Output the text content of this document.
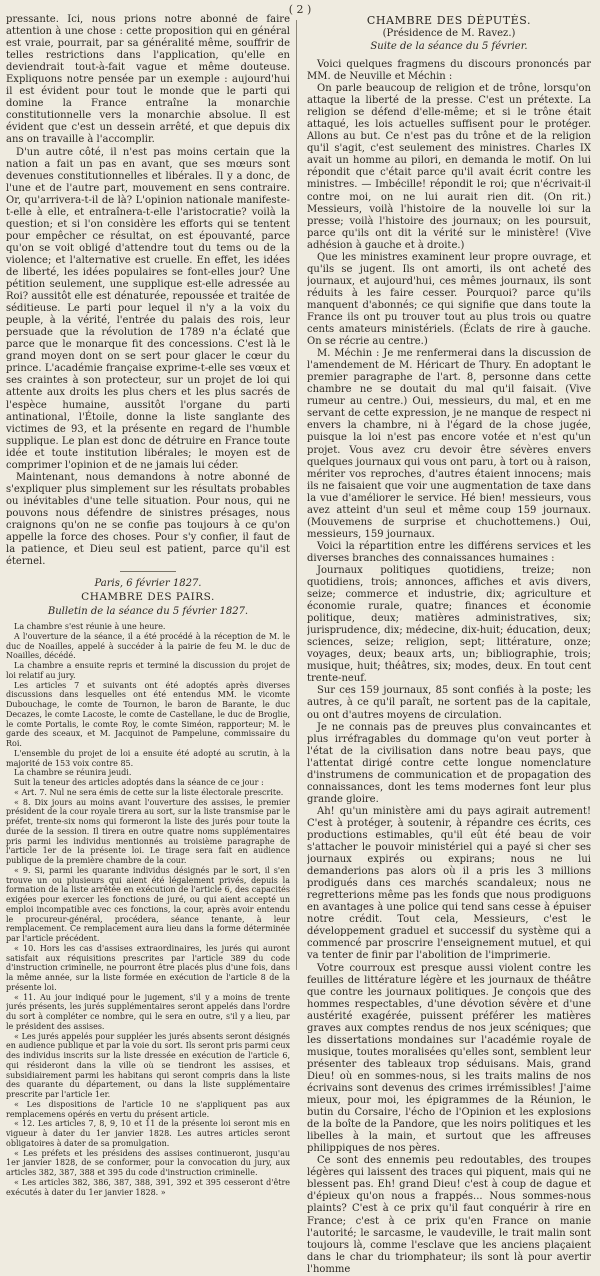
( 2 )

pressante. Ici, nous prions notre abonné de faire attention à une chose : cette proposition qui en général est vraie, pourrait, par sa généralité même, souffrir de telles restrictions dans l'application, qu'elle en deviendrait tout-à-fait vague et même douteuse. Expliquons notre pensée par un exemple : aujourd'hui il est évident pour tout le monde que le parti qui domine la France entraîne la monarchie constitutionnelle vers la monarchie absolue. Il est évident que c'est un dessein arrêté, et que depuis dix ans on travaille à l'accomplir.

D'un autre côté, il n'est pas moins certain que la nation a fait un pas en avant, que ses mœurs sont devenues constitutionnelles et libérales. Il y a donc, de l'une et de l'autre part, mouvement en sens contraire. Or, qu'arrivera-t-il de là? L'opinion nationale manifeste-t-elle à elle, et entraînera-t-elle l'aristocratie? voilà la question; et si l'on considère les efforts qui se tentent pour empêcher ce résultat, on est épouvanté, parce qu'on se voit obligé d'attendre tout du tems ou de la violence; et l'alternative est cruelle. En effet, les idées de liberté, les idées populaires se font-elles jour? Une pétition seulement, une supplique est-elle adressée au Roi? aussitôt elle est dénaturée, repoussée et traitée de séditieuse. Le parti pour lequel il n'y a la voix du peuple, à la vérité, l'entrée du palais des rois, leur persuade que la révolution de 1789 n'a éclaté que parce que le monarque fit des concessions. C'est là le grand moyen dont on se sert pour glacer le cœur du prince. L'académie française exprime-t-elle ses vœux et ses craintes à son protecteur, sur un projet de loi qui attente aux droits les plus chers et les plus sacrés de l'espèce humaine, aussitôt l'organe du parti antinational, l'Étoile, donne la liste sanglante des victimes de 93, et la présente en regard de l'humble supplique. Le plan est donc de détruire en France toute idée et toute institution libérales; le moyen est de comprimer l'opinion et de ne jamais lui céder.

Maintenant, nous demandons à notre abonné de s'expliquer plus simplement sur les résultats probables ou inévitables d'une telle situation. Pour nous, qui ne pouvons nous défendre de sinistres présages, nous craignons qu'on ne se confie pas toujours à ce qu'on appelle la force des choses. Pour s'y confier, il faut de la patience, et Dieu seul est patient, parce qu'il est éternel.

Paris, 6 février 1827.
CHAMBRE DES PAIRS.
Bulletin de la séance du 5 février 1827.

La chambre s'est réunie à une heure.

A l'ouverture de la séance, il a été procédé à la réception de M. le duc de Noailles, appelé à succéder à la pairie de feu M. le duc de Noailles, décédé.

La chambre a ensuite repris et terminé la discussion du projet de loi relatif au jury.

Les articles 7 et suivants ont été adoptés après diverses discussions dans lesquelles ont été entendus MM. le vicomte Dubouchage, le comte de Tournon, le baron de Barante, le duc Decazes, le comte Lacoste, le comte de Castellane, le duc de Broglie, le comte Portalis, le comte Roy, le comte Siméon, rapporteur; M. le garde des sceaux, et M. Jacquinot de Pampelune, commissaire du Roi.

L'ensemble du projet de loi a ensuite été adopté au scrutin, à la majorité de 153 voix contre 85.

La chambre se réunira jeudi.

Suit la teneur des articles adoptés dans la séance de ce jour :

« Art. 7. Nul ne sera émis de cette sur la liste électorale prescrite.

« 8. Dix jours au moins avant l'ouverture des assises, le premier président de la cour royale tirera au sort, sur la liste transmise par le préfet, trente-six noms qui formeront la liste des jurés pour toute la durée de la session. Il tirera en outre quatre noms supplémentaires pris parmi les individus mentionnés au troisième paragraphe de l'article 1er de la présente loi. Le tirage sera fait en audience publique de la première chambre de la cour.

« 9. Si, parmi les quarante individus désignés par le sort, il s'en trouve un ou plusieurs qui aient été légalement privés, depuis la formation de la liste arrêtée en exécution de l'article 6, des capacités exigées pour exercer les fonctions de juré, ou qui aient accepté un emploi incompatible avec ces fonctions, la cour, après avoir entendu le procureur-général, procédera, séance tenante, à leur remplacement. Ce remplacement aura lieu dans la forme déterminée par l'article précédent.

« 10. Hors les cas d'assises extraordinaires, les jurés qui auront satisfait aux réquisitions prescrites par l'article 389 du code d'instruction criminelle, ne pourront être placés plus d'une fois, dans la même année, sur la liste formée en exécution de l'article 8 de la présente loi.

« 11. Au jour indiqué pour le jugement, s'il y a moins de trente jurés présents, les jurés supplémentaires seront appelés dans l'ordre du sort à compléter ce nombre, qui le sera en outre, s'il y a lieu, par le président des assises.

« Les jurés appelés pour suppléer les jurés absents seront désignés en audience publique et par la voie du sort. Ils seront pris parmi ceux des individus inscrits sur la liste dressée en exécution de l'article 6, qui résideront dans la ville où se tiendront les assises, et subsidiairement parmi les habitans qui seront compris dans la liste des quarante du département, ou dans la liste supplémentaire prescrite par l'article 1er.

« Les dispositions de l'article 10 ne s'appliquent pas aux remplacemens opérés en vertu du présent article.

« 12. Les articles 7, 8, 9, 10 et 11 de la présente loi seront mis en vigueur à dater du 1er janvier 1828. Les autres articles seront obligatoires à dater de sa promulgation.

« Les préfets et les présidens des assises continueront, jusqu'au 1er janvier 1828, de se conformer, pour la convocation du jury, aux articles 382, 387, 388 et 395 du code d'instruction criminelle.

« Les articles 382, 386, 387, 388, 391, 392 et 395 cesseront d'être exécutés à dater du 1er janvier 1828. »

CHAMBRE DES DÉPUTÉS.
(Présidence de M. Ravez.)
Suite de la séance du 5 février.

Voici quelques fragmens du discours prononcés par MM. de Neuville et Méchin :

On parle beaucoup de religion et de trône, lorsqu'on attaque la liberté de la presse. C'est un prétexte. La religion se défend d'elle-même; et si le trône était attaqué, les lois actuelles suffisent pour le protéger. Allons au but. Ce n'est pas du trône et de la religion qu'il s'agit, c'est seulement des ministres. Charles IX avait un homme au pilori, en demanda le motif. On lui répondit que c'était parce qu'il avait écrit contre les ministres. — Imbécille! répondit le roi; que n'écrivait-il contre moi, on ne lui aurait rien dit. (On rit.) Messieurs, voilà l'histoire de la nouvelle loi sur la presse; voilà l'histoire des journaux; on les poursuit, parce qu'ils ont dit la vérité sur le ministère! (Vive adhésion à gauche et à droite.)

Que les ministres examinent leur propre ouvrage, et qu'ils se jugent. Ils ont amorti, ils ont acheté des journaux, et aujourd'hui, ces mêmes journaux, ils sont réduits à les faire cesser. Pourquoi? parce qu'ils manquent d'abonnés; ce qui signifie que dans toute la France ils ont pu trouver tout au plus trois ou quatre cents amateurs ministériels. (Éclats de rire à gauche. On se récrie au centre.)

M. Méchin : Je me renfermerai dans la discussion de l'amendement de M. Héricart de Thury. En adoptant le premier paragraphe de l'art. 8, personne dans cette chambre ne se doutait du mal qu'il faisait. (Vive rumeur au centre.) Oui, messieurs, du mal, et en me servant de cette expression, je ne manque de respect ni envers la chambre, ni à l'égard de la chose jugée, puisque la loi n'est pas encore votée et n'est qu'un projet. Vous avez cru devoir être sévères envers quelques journaux qui vous ont paru, à tort ou à raison, mériter vos reproches, d'autres étaient innocens; mais ils ne faisaient que voir une augmentation de taxe dans la vue d'améliorer le service. Hé bien! messieurs, vous avez atteint d'un seul et même coup 159 journaux. (Mouvemens de surprise et chuchottemens.) Oui, messieurs, 159 journaux.

Voici la répartition entre les différens services et les diverses branches des connaissances humaines :

Journaux politiques quotidiens, treize; non quotidiens, trois; annonces, affiches et avis divers, seize; commerce et industrie, dix; agriculture et économie rurale, quatre; finances et économie politique, deux; matières administratives, six; jurisprudence, dix; médecine, dix-huit; éducation, deux; sciences, seize; religion, sept; littérature, onze; voyages, deux; beaux arts, un; bibliographie, trois; musique, huit; théâtres, six; modes, deux. En tout cent trente-neuf.

Sur ces 159 journaux, 85 sont confiés à la poste; les autres, à ce qu'il paraît, ne sortent pas de la capitale, ou ont d'autres moyens de circulation.

Je ne connais pas de preuves plus convaincantes et plus irréfragables du dommage qu'on veut porter à l'état de la civilisation dans notre beau pays, que l'attentat dirigé contre cette longue nomenclature d'instrumens de communication et de propagation des connaissances, dont les tems modernes font leur plus grande gloire.

Ah! qu'un ministère ami du pays agirait autrement! C'est à protéger, à soutenir, à répandre ces écrits, ces productions estimables, qu'il eût été beau de voir s'attacher le pouvoir ministériel qui a payé si cher ses journaux expirés ou expirans; nous ne lui demanderions pas alors où il a pris les 3 millions prodigués dans ces marchés scandaleux; nous ne regretterions même pas les fonds que nous prodiguons en avantages à une police qui tend sans cesse à épuiser notre crédit. Tout cela, Messieurs, c'est le développement graduel et successif du système qui a commencé par proscrire l'enseignement mutuel, et qui va tenter de finir par l'abolition de l'imprimerie.

Votre courroux est presque aussi violent contre les feuilles de littérature légère et les journaux de théâtre que contre les journaux politiques. Je conçois que des hommes respectables, d'une dévotion sévère et d'une austérité exagérée, puissent préférer les matières graves aux comptes rendus de nos jeux scéniques; que les dissertations mondaines sur l'académie royale de musique, toutes moralisées qu'elles sont, semblent leur présenter des tableaux trop séduisans. Mais, grand Dieu! où en sommes-nous, si les traits malins de nos écrivains sont devenus des crimes irrémissibles! J'aime mieux, pour moi, les épigrammes de la Réunion, le butin du Corsaire, l'écho de l'Opinion et les explosions de la boîte de la Pandore, que les noirs politiques et les libelles à la main, et surtout que les affreuses philippiques de nos pères.

Ce sont des ennemis peu redoutables, des troupes légères qui laissent des traces qui piquent, mais qui ne blessent pas. Eh! grand Dieu! c'est à coup de dague et d'épieux qu'on nous a frappés... Nous sommes-nous plaints? C'est à ce prix qu'il faut conquérir à rire en France; c'est à ce prix qu'en France on manie l'autorité; le sarcasme, le vaudeville, le trait malin sont toujours là, comme l'esclave que les anciens plaçaient dans le char du triomphateur; ils sont là pour avertir l'homme
